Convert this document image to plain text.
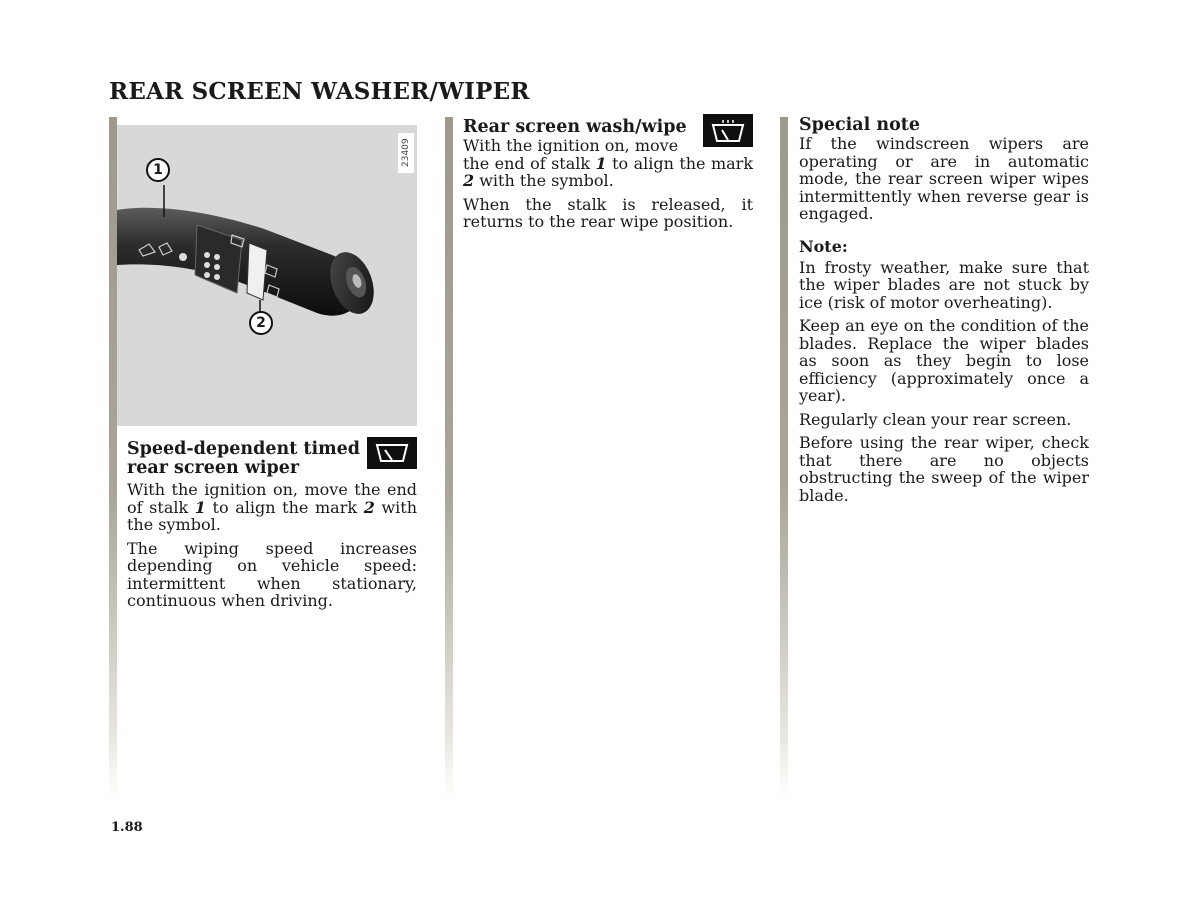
REAR SCREEN WASHER/WIPER
23409
1
2
Speed-dependent timed
rear screen wiper

With the ignition on, move the end of stalk 1 to align the mark 2 with the symbol.

The wiping speed increases depending on vehicle speed: intermittent when stationary, continuous when driving.

Rear screen wash/wipe

With the ignition on, move

the end of stalk 1 to align the mark 2 with the symbol.

When the stalk is released, it returns to the rear wipe position.

Special note

If the windscreen wipers are operating or are in automatic mode, the rear screen wiper wipes intermittently when reverse gear is engaged.

Note:

In frosty weather, make sure that the wiper blades are not stuck by ice (risk of motor overheating).

Keep an eye on the condition of the blades. Replace the wiper blades as soon as they begin to lose efficiency (approximately once a year).

Regularly clean your rear screen.

Before using the rear wiper, check that there are no objects obstructing the sweep of the wiper blade.

1.88
